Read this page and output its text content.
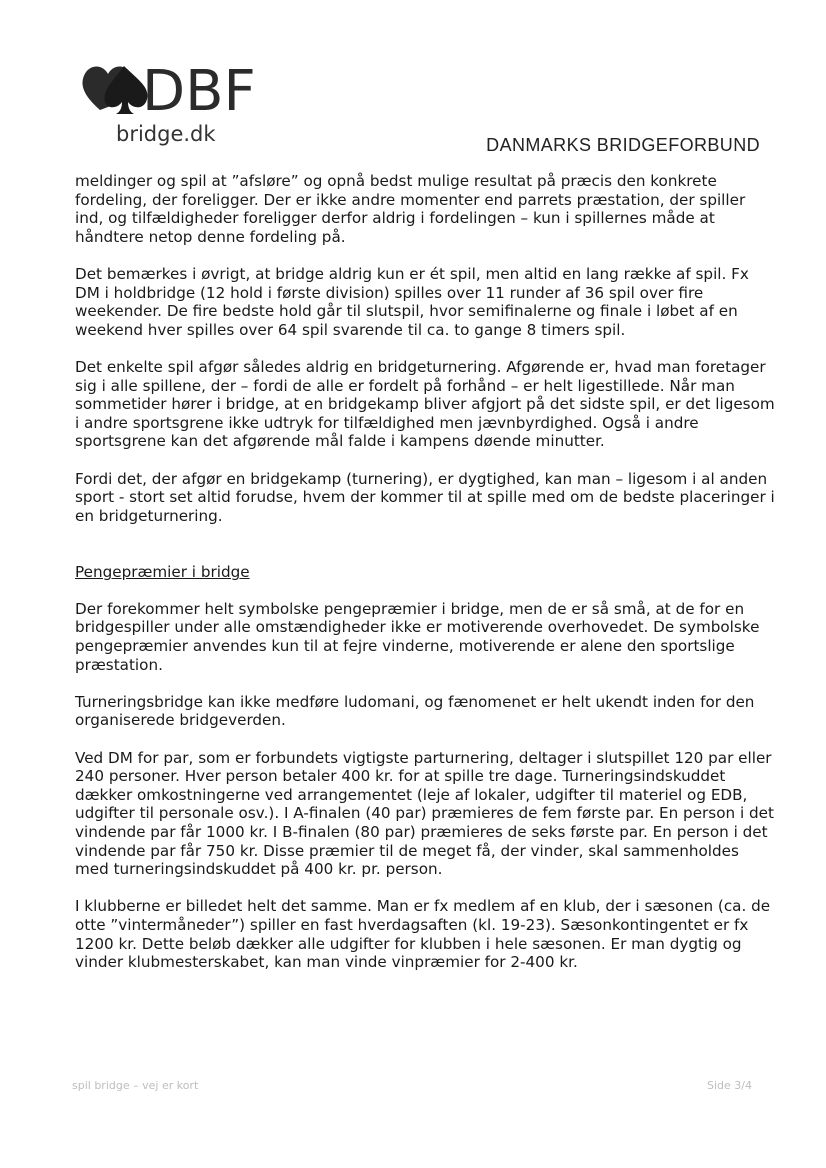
DBF
bridge.dk	DANMARKS BRIDGEFORBUND

meldinger og spil at ”afsløre” og opnå bedst mulige resultat på præcis den konkrete fordeling, der foreligger. Der er ikke andre momenter end parrets præstation, der spiller ind, og tilfældigheder foreligger derfor aldrig i fordelingen – kun i spillernes måde at håndtere netop denne fordeling på.

Det bemærkes i øvrigt, at bridge aldrig kun er ét spil, men altid en lang række af spil. Fx DM i holdbridge (12 hold i første division) spilles over 11 runder af 36 spil over fire weekender. De fire bedste hold går til slutspil, hvor semifinalerne og finale i løbet af en weekend hver spilles over 64 spil svarende til ca. to gange 8 timers spil.

Det enkelte spil afgør således aldrig en bridgeturnering. Afgørende er, hvad man foretager sig i alle spillene, der – fordi de alle er fordelt på forhånd – er helt ligestillede. Når man sommetider hører i bridge, at en bridgekamp bliver afgjort på det sidste spil, er det ligesom i andre sportsgrene ikke udtryk for tilfældighed men jævnbyrdighed. Også i andre sportsgrene kan det afgørende mål falde i kampens døende minutter.

Fordi det, der afgør en bridgekamp (turnering), er dygtighed, kan man – ligesom i al anden sport - stort set altid forudse, hvem der kommer til at spille med om de bedste placeringer i en bridgeturnering.

Pengepræmier i bridge

Der forekommer helt symbolske pengepræmier i bridge, men de er så små, at de for en bridgespiller under alle omstændigheder ikke er motiverende overhovedet. De symbolske pengepræmier anvendes kun til at fejre vinderne, motiverende er alene den sportslige præstation.

Turneringsbridge kan ikke medføre ludomani, og fænomenet er helt ukendt inden for den organiserede bridgeverden.

Ved DM for par, som er forbundets vigtigste parturnering, deltager i slutspillet 120 par eller 240 personer. Hver person betaler 400 kr. for at spille tre dage. Turneringsindskuddet dækker omkostningerne ved arrangementet (leje af lokaler, udgifter til materiel og EDB, udgifter til personale osv.). I A-finalen (40 par) præmieres de fem første par. En person i det vindende par får 1000 kr. I B-finalen (80 par) præmieres de seks første par. En person i det vindende par får 750 kr. Disse præmier til de meget få, der vinder, skal sammenholdes med turneringsindskuddet på 400 kr. pr. person.

I klubberne er billedet helt det samme. Man er fx medlem af en klub, der i sæsonen (ca. de otte ”vintermåneder”) spiller en fast hverdagsaften (kl. 19-23). Sæsonkontingentet er fx 1200 kr. Dette beløb dækker alle udgifter for klubben i hele sæsonen. Er man dygtig og vinder klubmesterskabet, kan man vinde vinpræmier for 2-400 kr.

spil bridge – vej er kort	Side 3/4
